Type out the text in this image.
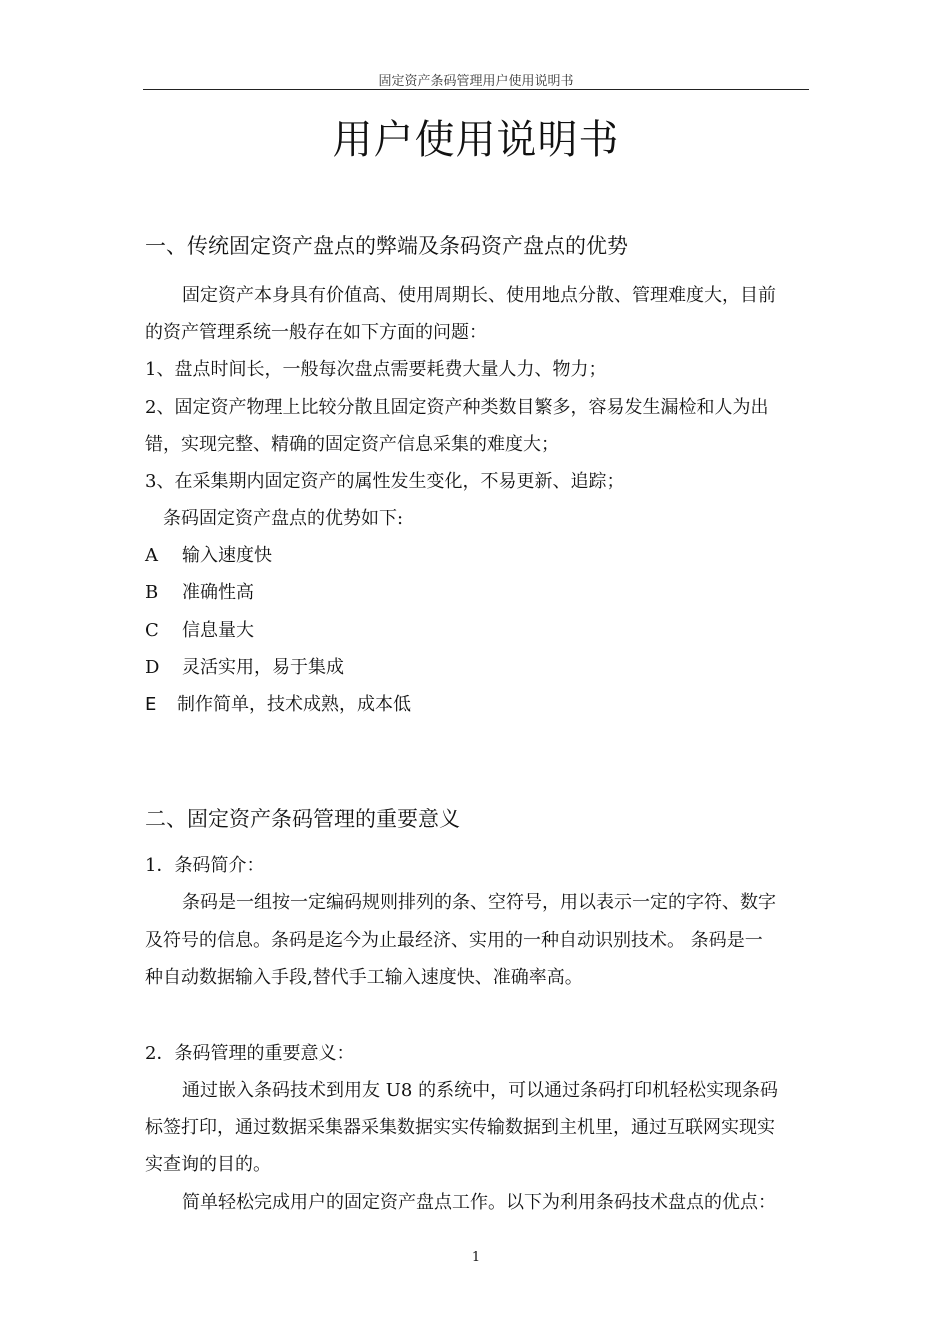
固定资产条码管理用户使用说明书
用户使用说明书
一、传统固定资产盘点的弊端及条码资产盘点的优势
固定资产本身具有价值高、使用周期长、使用地点分散、管理难度大，目前
的资产管理系统一般存在如下方面的问题：
1、盘点时间长，一般每次盘点需要耗费大量人力、物力；
2、固定资产物理上比较分散且固定资产种类数目繁多，容易发生漏检和人为出
错，实现完整、精确的固定资产信息采集的难度大；
3、在采集期内固定资产的属性发生变化，不易更新、追踪；
条码固定资产盘点的优势如下:
A 输入速度快
B 准确性高
C 信息量大
D 灵活实用，易于集成
E 制作简单，技术成熟，成本低
二、固定资产条码管理的重要意义
1．条码简介：
条码是一组按一定编码规则排列的条、空符号，用以表示一定的字符、数字
及符号的信息。条码是迄今为止最经济、实用的一种自动识别技术。 条码是一
种自动数据输入手段,替代手工输入速度快、准确率高。
2．条码管理的重要意义：
通过嵌入条码技术到用友 U8 的系统中，可以通过条码打印机轻松实现条码
标签打印，通过数据采集器采集数据实实传输数据到主机里，通过互联网实现实
实查询的目的。
简单轻松完成用户的固定资产盘点工作。以下为利用条码技术盘点的优点：
1
